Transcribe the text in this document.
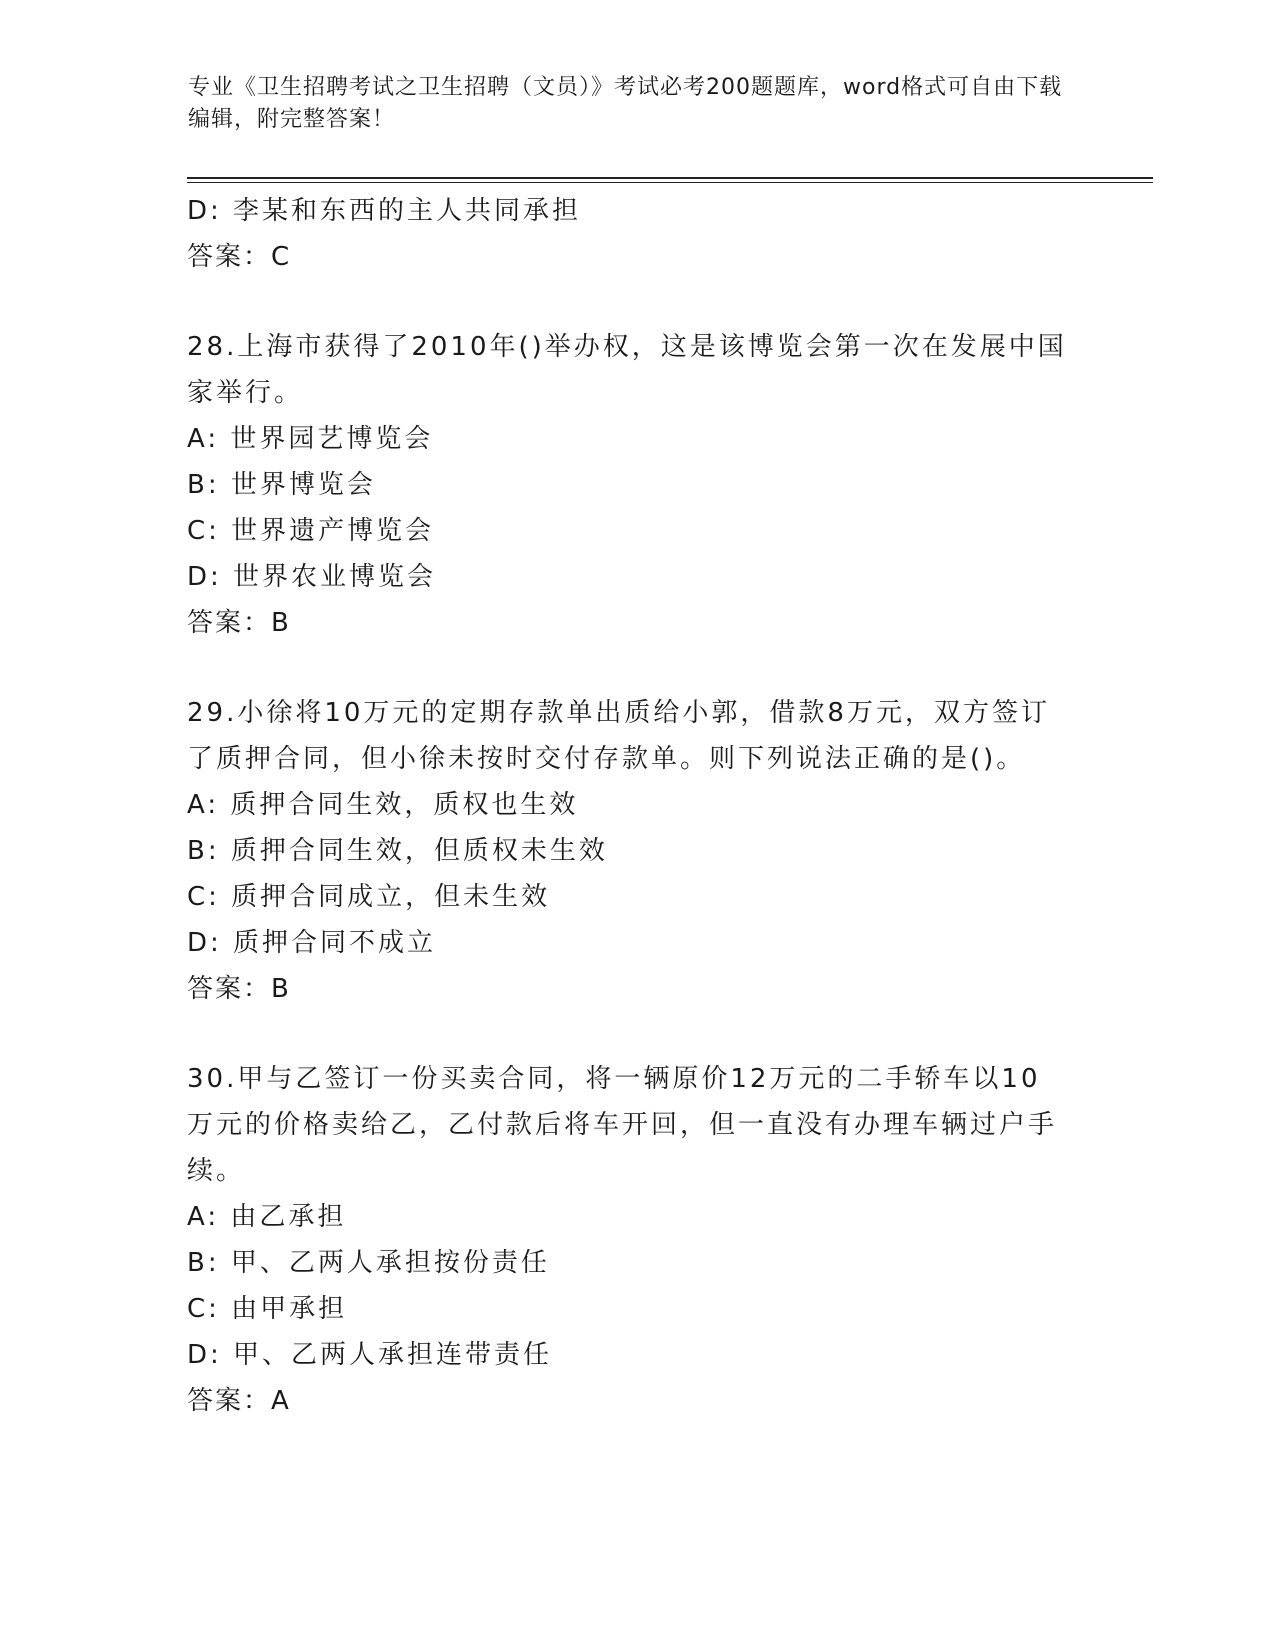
专业《卫生招聘考试之卫生招聘（文员）》考试必考200题题库，word格式可自由下载编辑，附完整答案！
D: 李某和东西的主人共同承担
答案：C
28.上海市获得了2010年()举办权，这是该博览会第一次在发展中国家举行。
A: 世界园艺博览会
B: 世界博览会
C: 世界遗产博览会
D: 世界农业博览会
答案：B
29.小徐将10万元的定期存款单出质给小郭，借款8万元，双方签订了质押合同，但小徐未按时交付存款单。则下列说法正确的是()。
A: 质押合同生效，质权也生效
B: 质押合同生效，但质权未生效
C: 质押合同成立，但未生效
D: 质押合同不成立
答案：B
30.甲与乙签订一份买卖合同，将一辆原价12万元的二手轿车以10万元的价格卖给乙，乙付款后将车开回，但一直没有办理车辆过户手续。
A: 由乙承担
B: 甲、乙两人承担按份责任
C: 由甲承担
D: 甲、乙两人承担连带责任
答案：A
